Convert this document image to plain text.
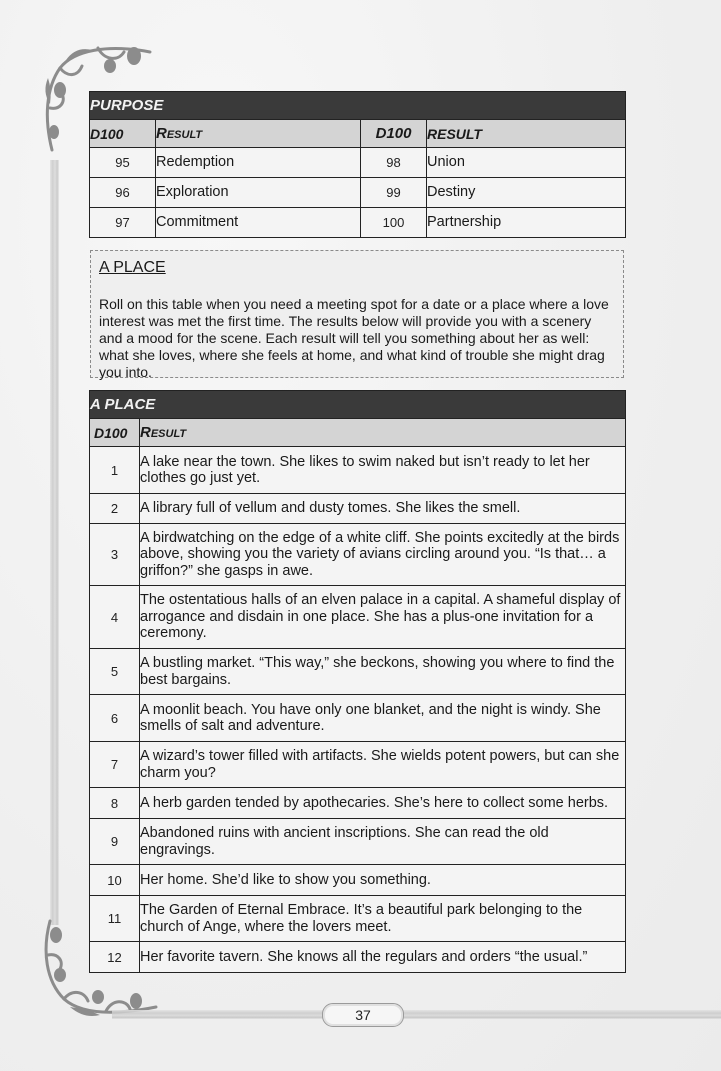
37
PURPOSE			
D100	Result	D100	RESULT
95	Redemption	98	Union
96	Exploration	99	Destiny
97	Commitment	100	Partnership
A PLACE
Roll on this table when you need a meeting spot for a date or a place where a love interest was met the first time. The results below will provide you with a scenery and a mood for the scene. Each result will tell you something about her as well: what she loves, where she feels at home, and what kind of trouble she might drag you into.
A PLACE	
D100	Result
1	A lake near the town. She likes to swim naked but isn’t ready to let her clothes go just yet.
2	A library full of vellum and dusty tomes. She likes the smell.
3	A birdwatching on the edge of a white cliff. She points excitedly at the birds above, showing you the variety of avians circling around you. “Is that… a griffon?” she gasps in awe.
4	The ostentatious halls of an elven palace in a capital. A shameful display of arrogance and disdain in one place. She has a plus-one invitation for a ceremony.
5	A bustling market. “This way,” she beckons, showing you where to find the best bargains.
6	A moonlit beach. You have only one blanket, and the night is windy. She smells of salt and adventure.
7	A wizard’s tower filled with artifacts. She wields potent powers, but can she charm you?
8	A herb garden tended by apothecaries. She’s here to collect some herbs.
9	Abandoned ruins with ancient inscriptions. She can read the old engravings.
10	Her home. She’d like to show you something.
11	The Garden of Eternal Embrace. It’s a beautiful park belonging to the church of Ange, where the lovers meet.
12	Her favorite tavern. She knows all the regulars and orders “the usual.”
